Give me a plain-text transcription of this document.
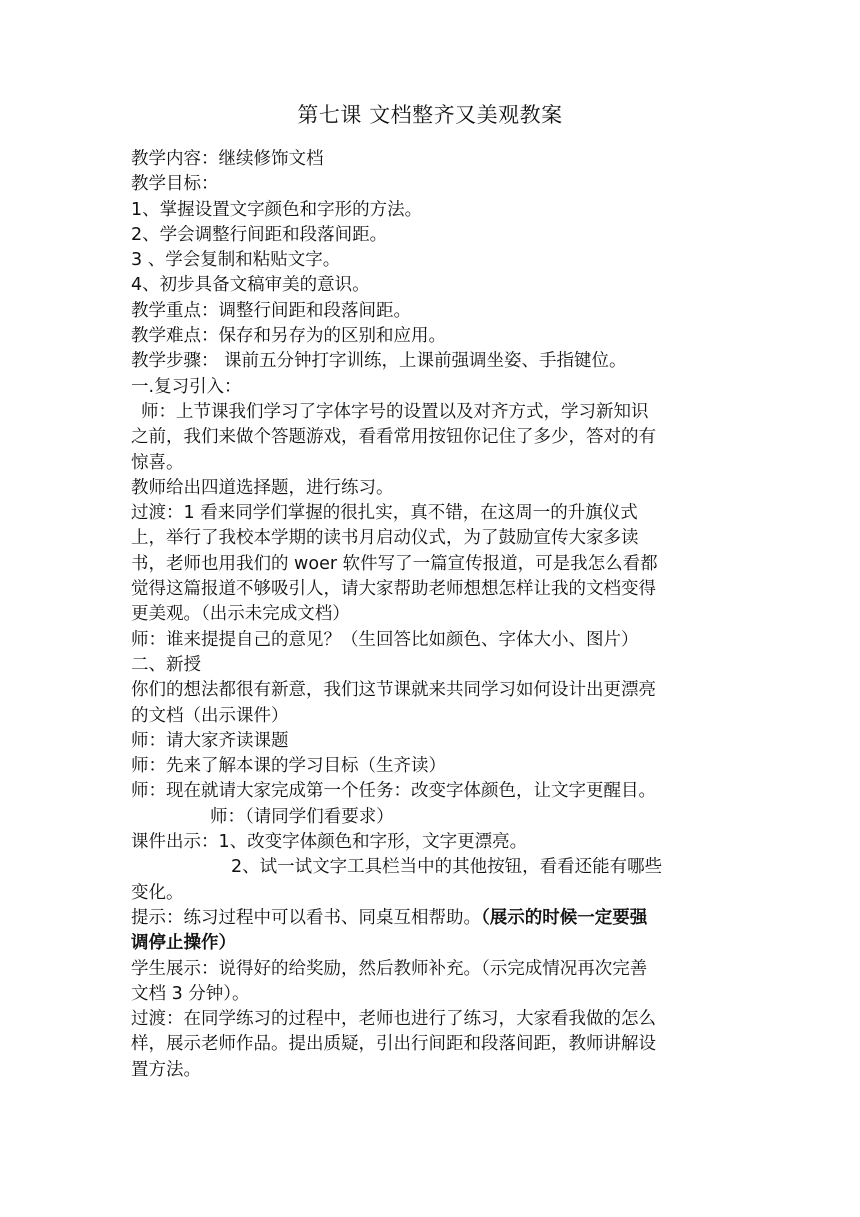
第七课 文档整齐又美观教案
教学内容：继续修饰文档
教学目标：
1、掌握设置文字颜色和字形的方法。
2、学会调整行间距和段落间距。
3 、学会复制和粘贴文字。
4、初步具备文稿审美的意识。
教学重点：调整行间距和段落间距。
教学难点：保存和另存为的区别和应用。
教学步骤： 课前五分钟打字训练，上课前强调坐姿、手指键位。
一.复习引入：
师：上节课我们学习了字体字号的设置以及对齐方式，学习新知识
之前，我们来做个答题游戏，看看常用按钮你记住了多少，答对的有
惊喜。
教师给出四道选择题，进行练习。
过渡：1 看来同学们掌握的很扎实，真不错，在这周一的升旗仪式
上，举行了我校本学期的读书月启动仪式，为了鼓励宣传大家多读
书，老师也用我们的 woer 软件写了一篇宣传报道，可是我怎么看都
觉得这篇报道不够吸引人，请大家帮助老师想想怎样让我的文档变得
更美观。（出示未完成文档）
师：谁来提提自己的意见？（生回答比如颜色、字体大小、图片）
二、新授
你们的想法都很有新意，我们这节课就来共同学习如何设计出更漂亮
的文档（出示课件）
师：请大家齐读课题
师：先来了解本课的学习目标（生齐读）
师：现在就请大家完成第一个任务：改变字体颜色，让文字更醒目。
师：（请同学们看要求）
课件出示：1、改变字体颜色和字形，文字更漂亮。
2、试一试文字工具栏当中的其他按钮，看看还能有哪些
变化。
提示：练习过程中可以看书、同桌互相帮助。（展示的时候一定要强
调停止操作）
学生展示：说得好的给奖励，然后教师补充。（示完成情况再次完善
文档 3 分钟）。
过渡：在同学练习的过程中，老师也进行了练习，大家看我做的怎么
样，展示老师作品。提出质疑，引出行间距和段落间距，教师讲解设
置方法。
